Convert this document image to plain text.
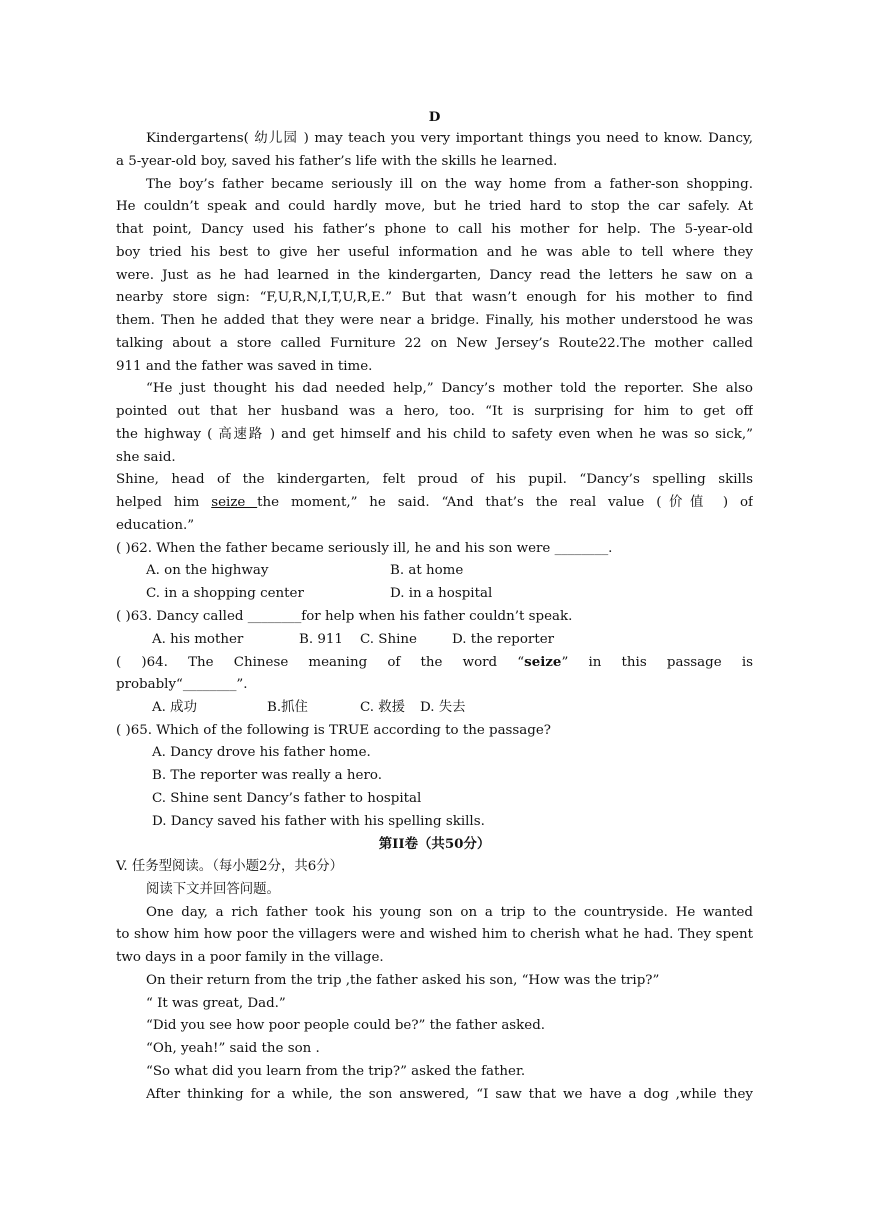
D
Kindergartens( 幼儿园 ) may teach you very important things you need to know. Dancy,
a 5-year-old boy, saved his father’s life with the skills he learned.
The boy’s father became seriously ill on the way home from a father-son shopping.
He couldn’t speak and could hardly move, but he tried hard to stop the car safely. At
that point, Dancy used his father’s phone to call his mother for help. The 5-year-old
boy tried his best to give her useful information and he was able to tell where they
were. Just as he had learned in the kindergarten, Dancy read the letters he saw on a
nearby store sign: “F,U,R,N,I,T,U,R,E.” But that wasn’t enough for his mother to find
them. Then he added that they were near a bridge. Finally, his mother understood he was
talking about a store called Furniture 22 on New Jersey’s Route22.The mother called
911 and the father was saved in time.
“He just thought his dad needed help,” Dancy’s mother told the reporter. She also
pointed out that her husband was a hero, too. “It is surprising for him to get off
the highway ( 高速路 ) and get himself and his child to safety even when he was so sick,”
she said.
Shine, head of the kindergarten, felt proud of his pupil. “Dancy’s spelling skills
helped him seize the moment,” he said. “And that’s the real value (价值 ) of
education.”
( )62. When the father became seriously ill, he and his son were ________.
A. on the highway	B. at home
C. in a shopping center	D. in a hospital
( )63. Dancy called ________for help when his father couldn’t speak.
A. his mother	B. 911 C. Shine	D. the reporter
( )64. The Chinese meaning of the word “seize” in this passage is
probably“________”.
A. 成功	B.抓住	C. 救援 D. 失去
( )65. Which of the following is TRUE according to the passage?
A. Dancy drove his father home.
B. The reporter was really a hero.
C. Shine sent Dancy’s father to hospital
D. Dancy saved his father with his spelling skills.
第II卷（共50分）
V. 任务型阅读。（每小题2分，共6分）
阅读下文并回答问题。
One day, a rich father took his young son on a trip to the countryside. He wanted
to show him how poor the villagers were and wished him to cherish what he had. They spent
two days in a poor family in the village.
On their return from the trip ,the father asked his son, “How was the trip?”
“ It was great, Dad.”
“Did you see how poor people could be?” the father asked.
“Oh, yeah!” said the son .
“So what did you learn from the trip?” asked the father.
After thinking for a while, the son answered, “I saw that we have a dog ,while they
